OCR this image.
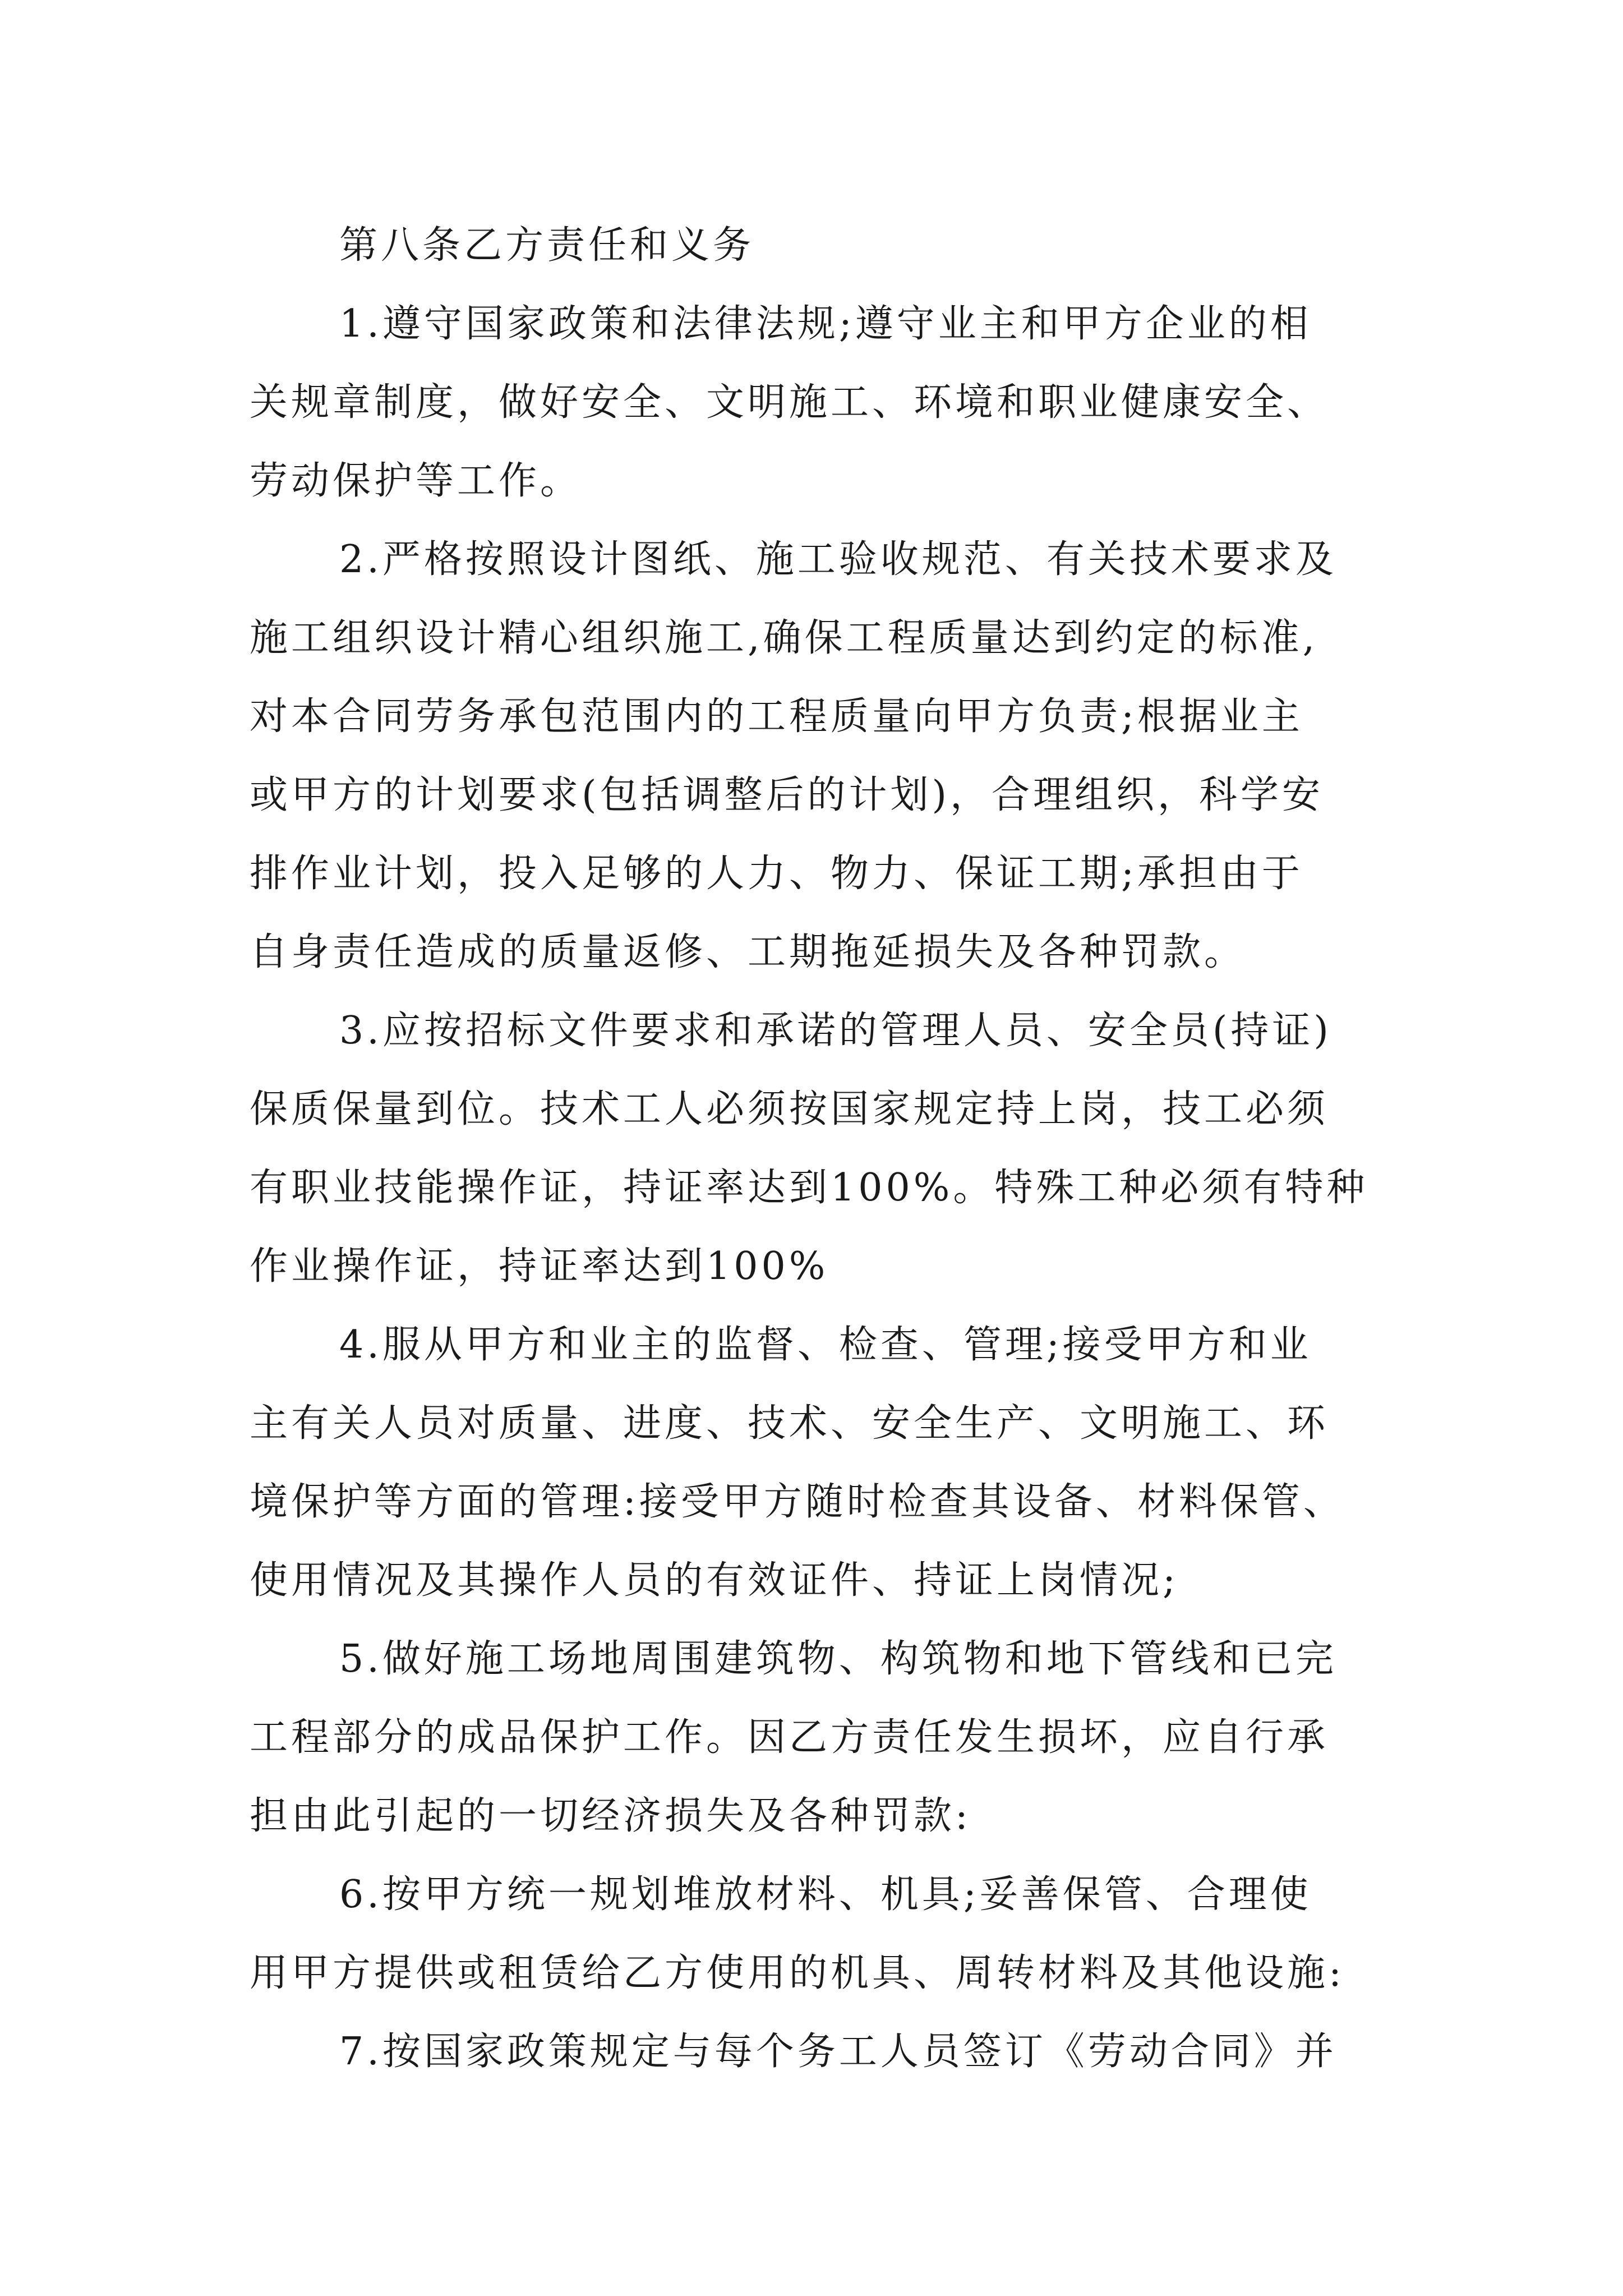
第八条乙方责任和义务

1.遵守国家政策和法律法规;遵守业主和甲方企业的相
关规章制度，做好安全、文明施工、环境和职业健康安全、
劳动保护等工作。
2.严格按照设计图纸、施工验收规范、有关技术要求及
施工组织设计精心组织施工,确保工程质量达到约定的标准,
对本合同劳务承包范围内的工程质量向甲方负责;根据业主
或甲方的计划要求(包括调整后的计划)，合理组织，科学安
排作业计划，投入足够的人力、物力、保证工期;承担由于
自身责任造成的质量返修、工期拖延损失及各种罚款。
3.应按招标文件要求和承诺的管理人员、安全员(持证)
保质保量到位。技术工人必须按国家规定持上岗，技工必须
有职业技能操作证，持证率达到100%。特殊工种必须有特种
作业操作证，持证率达到100%
4.服从甲方和业主的监督、检查、管理;接受甲方和业
主有关人员对质量、进度、技术、安全生产、文明施工、环
境保护等方面的管理:接受甲方随时检查其设备、材料保管、
使用情况及其操作人员的有效证件、持证上岗情况;
5.做好施工场地周围建筑物、构筑物和地下管线和已完
工程部分的成品保护工作。因乙方责任发生损坏，应自行承
担由此引起的一切经济损失及各种罚款:
6.按甲方统一规划堆放材料、机具;妥善保管、合理使
用甲方提供或租赁给乙方使用的机具、周转材料及其他设施:
7.按国家政策规定与每个务工人员签订《劳动合同》并
